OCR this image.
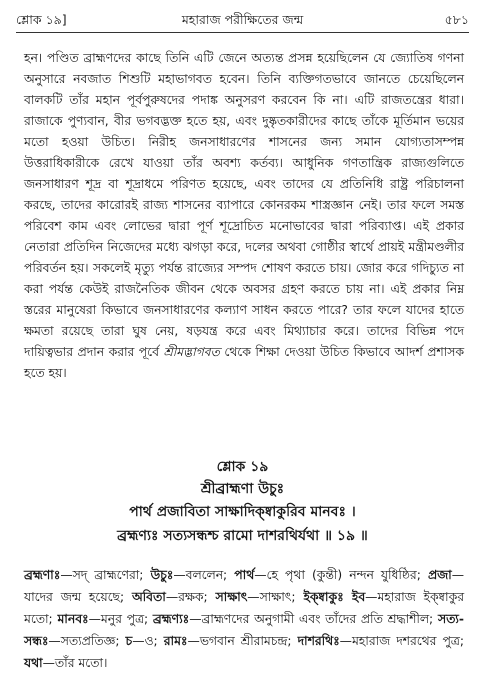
শ্লোক ১৯]	মহারাজ পরীক্ষিতের জন্ম	৫৮১
হন। পণ্ডিত ব্রাহ্মণদের কাছে তিনি এটি জেনে অত্যন্ত প্রসন্ন হয়েছিলেন যে জ্যোতিষ গণনা অনুসারে নবজাত শিশুটি মহাভাগবত হবেন। তিনি ব্যক্তিগতভাবে জানতে চেয়েছিলেন বালকটি তাঁর মহান পূর্বপুরুষদের পদাঙ্ক অনুসরণ করবেন কি না। এটি রাজতন্ত্রের ধারা। রাজাকে পুণ্যবান, বীর ভগবদ্ভক্ত হতে হয়, এবং দুষ্কৃতকারীদের কাছে তাঁকে মূর্তিমান ভয়ের মতো হওয়া উচিত। নিরীহ জনসাধারণের শাসনের জন্য সমান যোগ্যতাসম্পন্ন উত্তরাধিকারীকে রেখে যাওয়া তাঁর অবশ্য কর্তব্য। আধুনিক গণতান্ত্রিক রাজ্যগুলিতে জনসাধারণ শূদ্র বা শূদ্রাধমে পরিণত হয়েছে, এবং তাদের যে প্রতিনিধি রাষ্ট্র পরিচালনা করছে, তাদের কারোরই রাজ্য শাসনের ব্যাপারে কোনরকম শাস্ত্রজ্ঞান নেই। তার ফলে সমস্ত পরিবেশ কাম এবং লোভের দ্বারা পূর্ণ শূদ্রোচিত মনোভাবের দ্বারা পরিব্যাপ্ত। এই প্রকার নেতারা প্রতিদিন নিজেদের মধ্যে ঝগড়া করে, দলের অথবা গোষ্ঠীর স্বার্থে প্রায়ই মন্ত্রীমণ্ডলীর পরিবর্তন হয়। সকলেই মৃত্যু পর্যন্ত রাজ্যের সম্পদ শোষণ করতে চায়। জোর করে গদিচ্যুত না করা পর্যন্ত কেউই রাজনৈতিক জীবন থেকে অবসর গ্রহণ করতে চায় না। এই প্রকার নিম্ন স্তরের মানুষেরা কিভাবে জনসাধারণের কল্যাণ সাধন করতে পারে? তার ফলে যাদের হাতে ক্ষমতা রয়েছে তারা ঘুষ নেয়, ষড়যন্ত্র করে এবং মিথ্যাচার করে। তাদের বিভিন্ন পদে দায়িত্বভার প্রদান করার পূর্বে শ্রীমদ্ভাগবত থেকে শিক্ষা দেওয়া উচিত কিভাবে আদর্শ প্রশাসক হতে হয়।
শ্লোক ১৯
শ্রীব্রাহ্মণা উচুঃ
পার্থ প্রজাবিতা সাক্ষাদিক্ষ্বাকুরিব মানবঃ ।
ব্রহ্মণ্যঃ সত্যসন্ধশ্চ রামো দাশরথির্যথা ॥ ১৯ ॥
ব্রহ্মণাঃ—সদ্ ব্রাহ্মণেরা; উচুঃ—বললেন; পার্থ—হে পৃথা (কুন্তী) নন্দন যুধিষ্ঠির; প্রজা—যাদের জন্ম হয়েছে; অবিতা—রক্ষক; সাক্ষাৎ—সাক্ষাৎ; ইক্ষ্বাকুঃ ইব—মহারাজ ইক্ষ্বাকুর মতো; মানবঃ—মনুর পুত্র; ব্রহ্মণ্যঃ—ব্রাহ্মণদের অনুগামী এবং তাঁদের প্রতি শ্রদ্ধাশীল; সত্য-সন্ধঃ—সত্যপ্রতিজ্ঞ; চ—ও; রামঃ—ভগবান শ্রীরামচন্দ্র; দাশরথিঃ—মহারাজ দশরথের পুত্র; যথা—তাঁর মতো।
